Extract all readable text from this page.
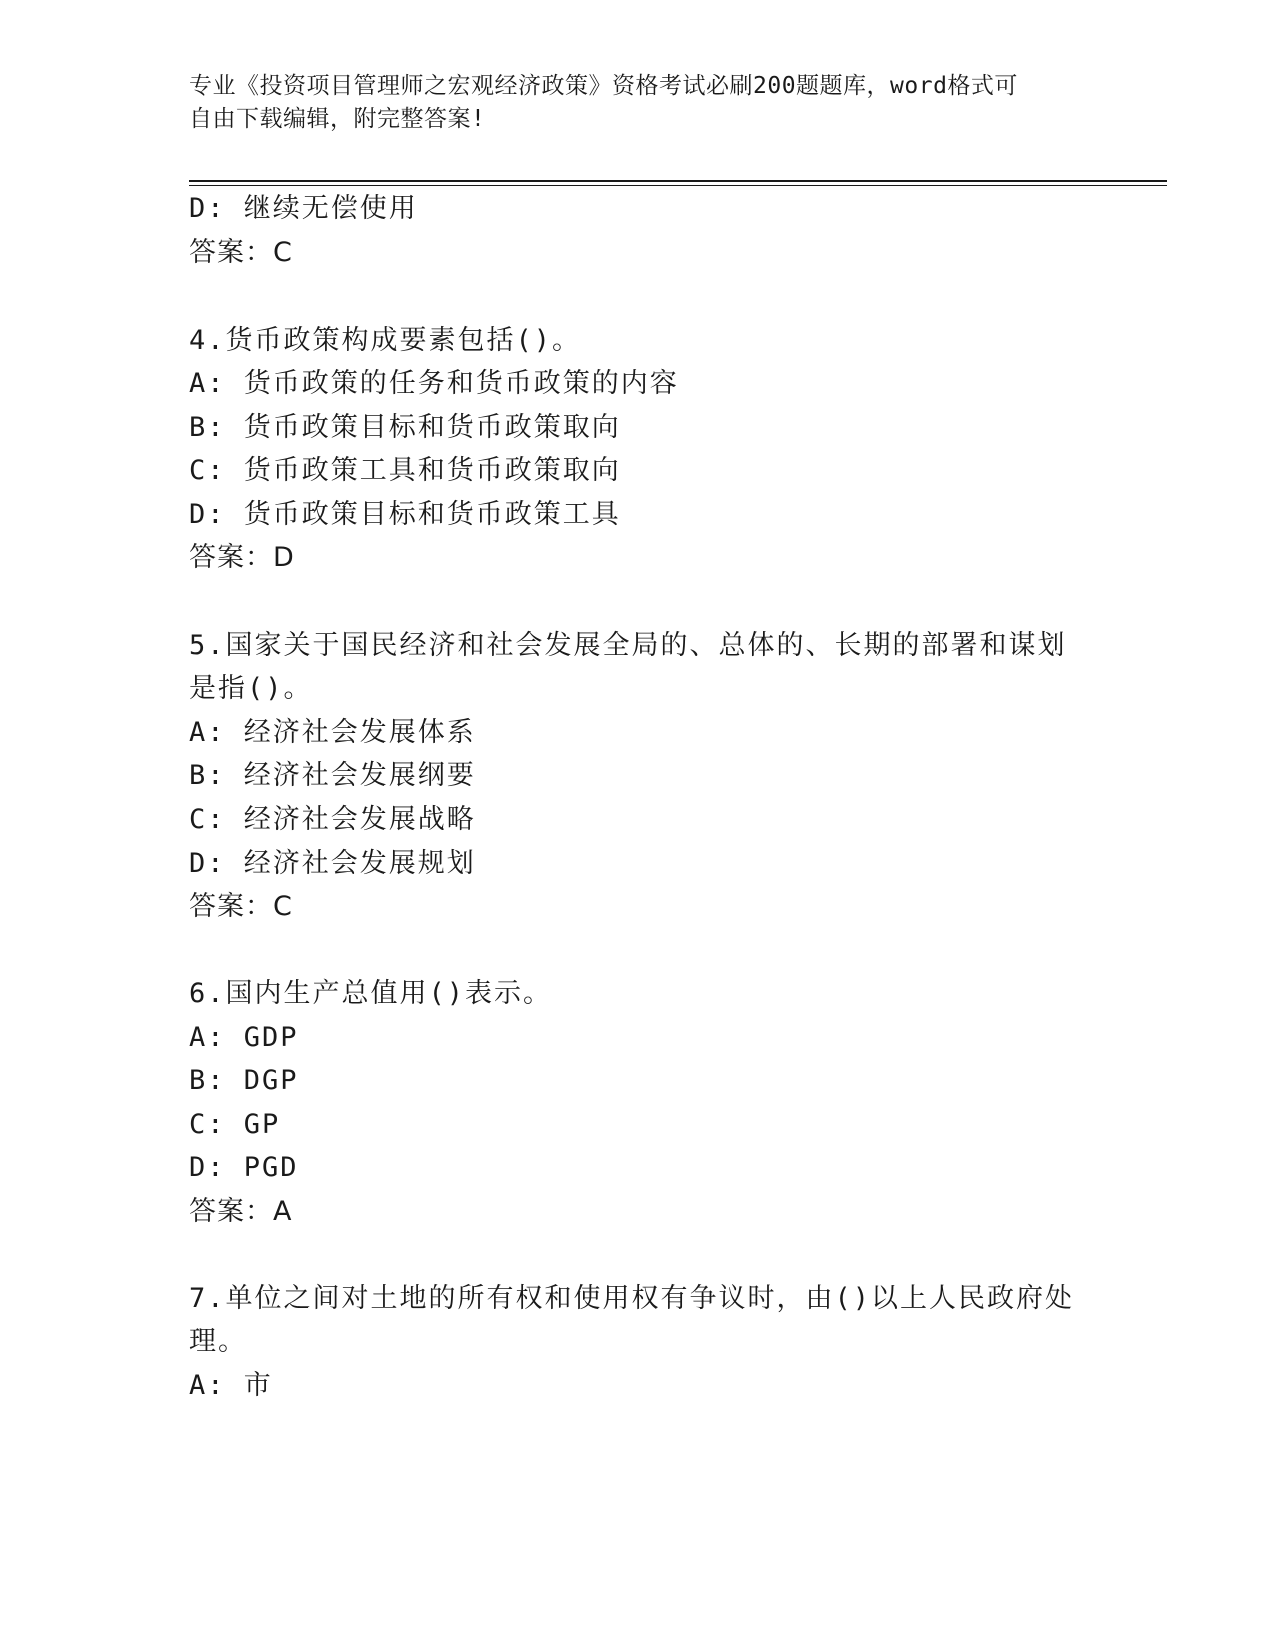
专业《投资项目管理师之宏观经济政策》资格考试必刷200题题库，word格式可
自由下载编辑，附完整答案!
D: 继续无偿使用
答案：C
4.货币政策构成要素包括()。
A: 货币政策的任务和货币政策的内容
B: 货币政策目标和货币政策取向
C: 货币政策工具和货币政策取向
D: 货币政策目标和货币政策工具
答案：D
5.国家关于国民经济和社会发展全局的、总体的、长期的部署和谋划
是指()。
A: 经济社会发展体系
B: 经济社会发展纲要
C: 经济社会发展战略
D: 经济社会发展规划
答案：C
6.国内生产总值用()表示。
A: GDP
B: DGP
C: GP
D: PGD
答案：A
7.单位之间对土地的所有权和使用权有争议时，由()以上人民政府处
理。
A: 市
